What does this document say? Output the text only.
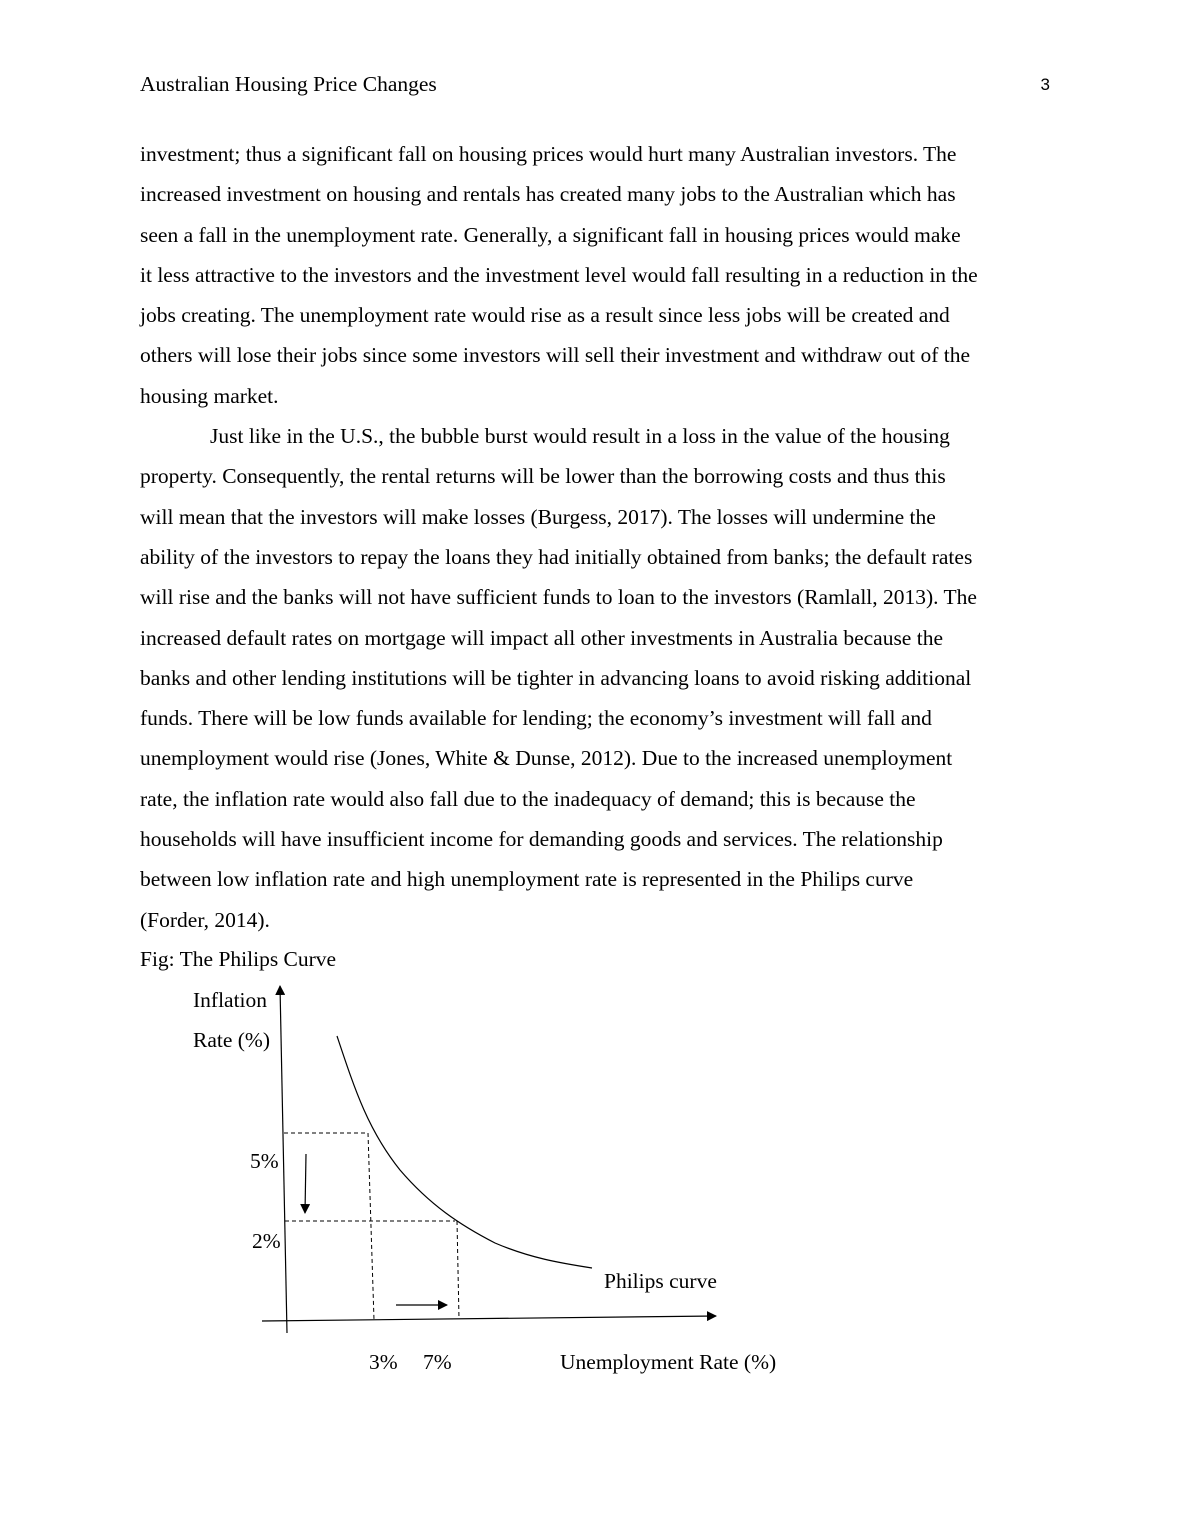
Australian Housing Price Changes	3
investment; thus a significant fall on housing prices would hurt many Australian investors. The
increased investment on housing and rentals has created many jobs to the Australian which has
seen a fall in the unemployment rate. Generally, a significant fall in housing prices would make
it less attractive to the investors and the investment level would fall resulting in a reduction in the
jobs creating. The unemployment rate would rise as a result since less jobs will be created and
others will lose their jobs since some investors will sell their investment and withdraw out of the
housing market.
Just like in the U.S., the bubble burst would result in a loss in the value of the housing
property. Consequently, the rental returns will be lower than the borrowing costs and thus this
will mean that the investors will make losses (Burgess, 2017). The losses will undermine the
ability of the investors to repay the loans they had initially obtained from banks; the default rates
will rise and the banks will not have sufficient funds to loan to the investors (Ramlall, 2013). The
increased default rates on mortgage will impact all other investments in Australia because the
banks and other lending institutions will be tighter in advancing loans to avoid risking additional
funds. There will be low funds available for lending; the economy’s investment will fall and
unemployment would rise (Jones, White & Dunse, 2012). Due to the increased unemployment
rate, the inflation rate would also fall due to the inadequacy of demand; this is because the
households will have insufficient income for demanding goods and services. The relationship
between low inflation rate and high unemployment rate is represented in the Philips curve
(Forder, 2014).
Fig: The Philips Curve
Inflation
Rate (%)
Unemployment Rate (%)
Philips curve
5%
2%
3% 7%
